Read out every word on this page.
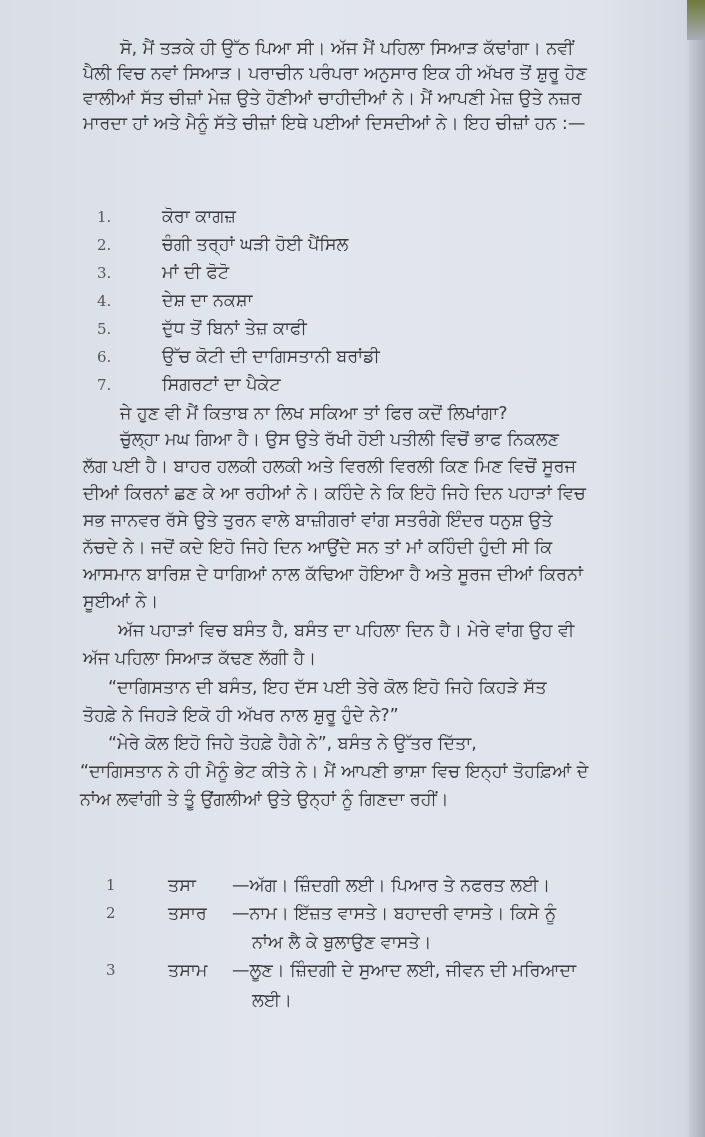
ਸੋ, ਮੈਂ ਤੜਕੇ ਹੀ ਉੱਠ ਪਿਆ ਸੀ। ਅੱਜ ਮੈਂ ਪਹਿਲਾ ਸਿਆੜ ਕੱਢਾਂਗਾ। ਨਵੀਂ
ਪੈਲੀ ਵਿਚ ਨਵਾਂ ਸਿਆੜ। ਪਰਾਚੀਨ ਪਰੰਪਰਾ ਅਨੁਸਾਰ ਇਕ ਹੀ ਅੱਖਰ ਤੋਂ ਸ਼ੁਰੂ ਹੋਣ
ਵਾਲੀਆਂ ਸੱਤ ਚੀਜ਼ਾਂ ਮੇਜ਼ ਉਤੇ ਹੋਣੀਆਂ ਚਾਹੀਦੀਆਂ ਨੇ। ਮੈਂ ਆਪਣੀ ਮੇਜ਼ ਉਤੇ ਨਜ਼ਰ
ਮਾਰਦਾ ਹਾਂ ਅਤੇ ਮੈਨੂੰ ਸੱਤੇ ਚੀਜ਼ਾਂ ਇਥੇ ਪਈਆਂ ਦਿਸਦੀਆਂ ਨੇ। ਇਹ ਚੀਜ਼ਾਂ ਹਨ :—
1.	ਕੋਰਾ ਕਾਗਜ਼
2.	ਚੰਗੀ ਤਰ੍ਹਾਂ ਘੜੀ ਹੋਈ ਪੈਂਸਿਲ
3.	ਮਾਂ ਦੀ ਫੋਟੋ
4.	ਦੇਸ਼ ਦਾ ਨਕਸ਼ਾ
5.	ਦੁੱਧ ਤੋਂ ਬਿਨਾਂ ਤੇਜ਼ ਕਾਫੀ
6.	ਉੱਚ ਕੋਟੀ ਦੀ ਦਾਗਿਸਤਾਨੀ ਬਰਾਂਡੀ
7.	ਸਿਗਰਟਾਂ ਦਾ ਪੈਕੇਟ
ਜੇ ਹੁਣ ਵੀ ਮੈਂ ਕਿਤਾਬ ਨਾ ਲਿਖ ਸਕਿਆ ਤਾਂ ਫਿਰ ਕਦੋਂ ਲਿਖਾਂਗਾ?
ਚੁੱਲ੍ਹਾ ਮਘ ਗਿਆ ਹੈ। ਉਸ ਉਤੇ ਰੱਖੀ ਹੋਈ ਪਤੀਲੀ ਵਿਚੋਂ ਭਾਫ ਨਿਕਲਣ
ਲੱਗ ਪਈ ਹੈ। ਬਾਹਰ ਹਲਕੀ ਹਲਕੀ ਅਤੇ ਵਿਰਲੀ ਵਿਰਲੀ ਕਿਣ ਮਿਣ ਵਿਚੋਂ ਸੂਰਜ
ਦੀਆਂ ਕਿਰਨਾਂ ਛਣ ਕੇ ਆ ਰਹੀਆਂ ਨੇ। ਕਹਿੰਦੇ ਨੇ ਕਿ ਇਹੋ ਜਿਹੇ ਦਿਨ ਪਹਾੜਾਂ ਵਿਚ
ਸਭ ਜਾਨਵਰ ਰੱਸੇ ਉਤੇ ਤੁਰਨ ਵਾਲੇ ਬਾਜ਼ੀਗਰਾਂ ਵਾਂਗ ਸਤਰੰਗੇ ਇੰਦਰ ਧਨੁਸ਼ ਉਤੇ
ਨੱਚਦੇ ਨੇ। ਜਦੋਂ ਕਦੇ ਇਹੋ ਜਿਹੇ ਦਿਨ ਆਉਂਦੇ ਸਨ ਤਾਂ ਮਾਂ ਕਹਿੰਦੀ ਹੁੰਦੀ ਸੀ ਕਿ
ਆਸਮਾਨ ਬਾਰਿਸ਼ ਦੇ ਧਾਗਿਆਂ ਨਾਲ ਕੱਢਿਆ ਹੋਇਆ ਹੈ ਅਤੇ ਸੂਰਜ ਦੀਆਂ ਕਿਰਨਾਂ
ਸੂਈਆਂ ਨੇ।
ਅੱਜ ਪਹਾੜਾਂ ਵਿਚ ਬਸੰਤ ਹੈ, ਬਸੰਤ ਦਾ ਪਹਿਲਾ ਦਿਨ ਹੈ। ਮੇਰੇ ਵਾਂਗ ਉਹ ਵੀ
ਅੱਜ ਪਹਿਲਾ ਸਿਆੜ ਕੱਢਣ ਲੱਗੀ ਹੈ।
“ਦਾਗਿਸਤਾਨ ਦੀ ਬਸੰਤ, ਇਹ ਦੱਸ ਪਈ ਤੇਰੇ ਕੋਲ ਇਹੋ ਜਿਹੇ ਕਿਹੜੇ ਸੱਤ
ਤੋਹਫ਼ੇ ਨੇ ਜਿਹੜੇ ਇਕੋ ਹੀ ਅੱਖਰ ਨਾਲ ਸ਼ੁਰੂ ਹੁੰਦੇ ਨੇ?”
“ਮੇਰੇ ਕੋਲ ਇਹੋ ਜਿਹੇ ਤੋਹਫ਼ੇ ਹੈਗੇ ਨੇ”, ਬਸੰਤ ਨੇ ਉੱਤਰ ਦਿੱਤਾ,
“ਦਾਗਿਸਤਾਨ ਨੇ ਹੀ ਮੈਨੂੰ ਭੇਟ ਕੀਤੇ ਨੇ। ਮੈਂ ਆਪਣੀ ਭਾਸ਼ਾ ਵਿਚ ਇਨ੍ਹਾਂ ਤੋਹਫ਼ਿਆਂ ਦੇ
ਨਾਂਅ ਲਵਾਂਗੀ ਤੇ ਤੂੰ ਉਂਗਲੀਆਂ ਉਤੇ ਉਨ੍ਹਾਂ ਨੂੰ ਗਿਣਦਾ ਰਹੀਂ।
1	ਤਸਾ —ਅੱਗ। ਜ਼ਿੰਦਗੀ ਲਈ। ਪਿਆਰ ਤੇ ਨਫਰਤ ਲਈ।
2	ਤਸਾਰ —ਨਾਮ। ਇੱਜ਼ਤ ਵਾਸਤੇ। ਬਹਾਦਰੀ ਵਾਸਤੇ। ਕਿਸੇ ਨੂੰ
ਨਾਂਅ ਲੈ ਕੇ ਬੁਲਾਉਣ ਵਾਸਤੇ।
3	ਤਸਾਮ —ਲੂਣ। ਜ਼ਿੰਦਗੀ ਦੇ ਸੁਆਦ ਲਈ, ਜੀਵਨ ਦੀ ਮਰਿਆਦਾ
ਲਈ।
